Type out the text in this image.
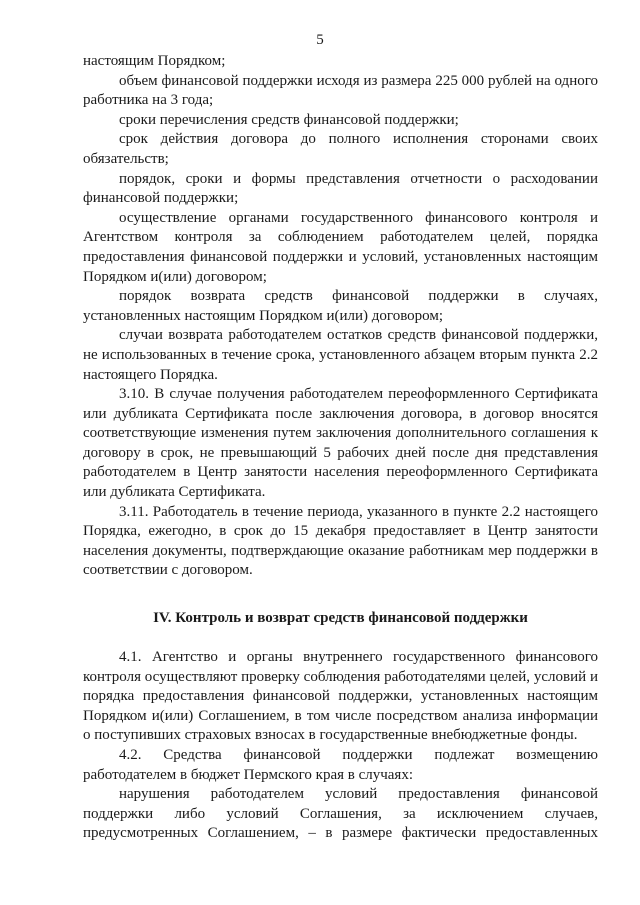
5

настоящим Порядком;

объем финансовой поддержки исходя из размера 225 000 рублей на одного работника на 3 года;

сроки перечисления средств финансовой поддержки;

срок действия договора до полного исполнения сторонами своих обязательств;

порядок, сроки и формы представления отчетности о расходовании финансовой поддержки;

осуществление органами государственного финансового контроля и Агентством контроля за соблюдением работодателем целей, порядка предоставления финансовой поддержки и условий, установленных настоящим Порядком и(или) договором;

порядок возврата средств финансовой поддержки в случаях, установленных настоящим Порядком и(или) договором;

случаи возврата работодателем остатков средств финансовой поддержки, не использованных в течение срока, установленного абзацем вторым пункта 2.2 настоящего Порядка.

3.10. В случае получения работодателем переоформленного Сертификата или дубликата Сертификата после заключения договора, в договор вносятся соответствующие изменения путем заключения дополнительного соглашения к договору в срок, не превышающий 5 рабочих дней после дня представления работодателем в Центр занятости населения переоформленного Сертификата или дубликата Сертификата.

3.11. Работодатель в течение периода, указанного в пункте 2.2 настоящего Порядка, ежегодно, в срок до 15 декабря предоставляет в Центр занятости населения документы, подтверждающие оказание работникам мер поддержки в соответствии с договором.

IV. Контроль и возврат средств финансовой поддержки

4.1. Агентство и органы внутреннего государственного финансового контроля осуществляют проверку соблюдения работодателями целей, условий и порядка предоставления финансовой поддержки, установленных настоящим Порядком и(или) Соглашением, в том числе посредством анализа информации о поступивших страховых взносах в государственные внебюджетные фонды.

4.2. Средства финансовой поддержки подлежат возмещению работодателем в бюджет Пермского края в случаях:

нарушения работодателем условий предоставления финансовой поддержки либо условий Соглашения, за исключением случаев, предусмотренных Соглашением, – в размере фактически предоставленных
